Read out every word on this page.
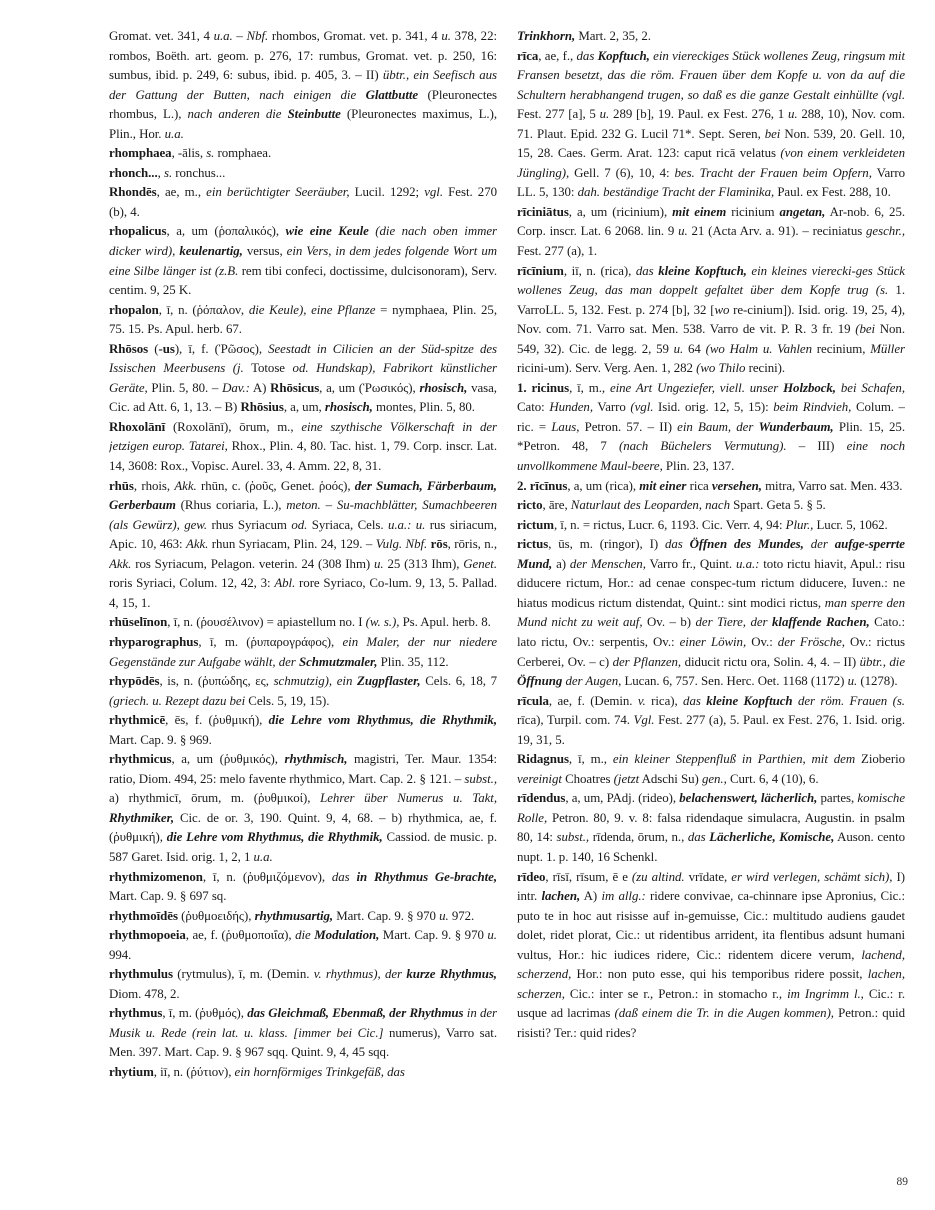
Gromat. vet. 341, 4 u.a. – Nbf. rhombos, Gromat. vet. p. 341, 4 u. 378, 22: rombos, Boëth. art. geom. p. 276, 17: rumbus, Gromat. vet. p. 250, 16: sumbus, ibid. p. 249, 6: subus, ibid. p. 405, 3. – II) übtr., ein Seefisch aus der Gattung der Butten, nach einigen die Glattbutte (Pleuronectes rhombus, L.), nach anderen die Steinbutte (Pleuronectes maximus, L.), Plin., Hor. u.a.

rhomphaea, -ālis, s. romphaea.

rhonch..., s. ronchus...

Rhondēs, ae, m., ein berüchtigter Seeräuber, Lucil. 1292; vgl. Fest. 270 (b), 4.

rhopalicus, a, um (ῥοπαλικός), wie eine Keule (die nach oben immer dicker wird), keulenartig, versus, ein Vers, in dem jedes folgende Wort um eine Silbe länger ist (z.B. rem tibi confeci, doctissime, dulcisonoram), Serv. centim. 9, 25 K.

rhopalon, ī, n. (ῥόπαλον, die Keule), eine Pflanze = nymphaea, Plin. 25, 75. 15. Ps. Apul. herb. 67.

Rhōsos (-us), ī, f. (Ῥῶσος), Seestadt in Cilicien an der Süd-spitze des Issischen Meerbusens (j. Totose od. Hundskap), Fabrikort künstlicher Geräte, Plin. 5, 80. – Dav.: A) Rhōsicus, a, um (Ῥωσικός), rhosisch, vasa, Cic. ad Att. 6, 1, 13. – B) Rhōsius, a, um, rhosisch, montes, Plin. 5, 80.

Rhoxolānī (Roxolānī), ōrum, m., eine szythische Völkerschaft in der jetzigen europ. Tatarei, Rhox., Plin. 4, 80. Tac. hist. 1, 79. Corp. inscr. Lat. 14, 3608: Rox., Vopisc. Aurel. 33, 4. Amm. 22, 8, 31.

rhūs, rhois, Akk. rhūn, c. (ῥοῦς, Genet. ῥοός), der Sumach, Färberbaum, Gerberbaum (Rhus coriaria, L.), meton. – Su-machblätter, Sumachbeeren (als Gewürz), gew. rhus Syriacum od. Syriaca, Cels. u.a.: u. rus siriacum, Apic. 10, 463: Akk. rhun Syriacam, Plin. 24, 129. – Vulg. Nbf. rōs, rōris, n., Akk. ros Syriacum, Pelagon. veterin. 24 (308 Ihm) u. 25 (313 Ihm), Genet. roris Syriaci, Colum. 12, 42, 3: Abl. rore Syriaco, Co-lum. 9, 13, 5. Pallad. 4, 15, 1.

rhūselīnon, ī, n. (ῥουσέλινον) = apiastellum no. I (w. s.), Ps. Apul. herb. 8.

rhyparographus, ī, m. (ῥυπαρογράφος), ein Maler, der nur niedere Gegenstände zur Aufgabe wählt, der Schmutzmaler, Plin. 35, 112.

rhypōdēs, is, n. (ῥυπώδης, ες, schmutzig), ein Zugpflaster, Cels. 6, 18, 7 (griech. u. Rezept dazu bei Cels. 5, 19, 15).

rhythmicē, ēs, f. (ῥυθμική), die Lehre vom Rhythmus, die Rhythmik, Mart. Cap. 9. § 969.

rhythmicus, a, um (ῥυθμικός), rhythmisch, magistri, Ter. Maur. 1354: ratio, Diom. 494, 25: melo favente rhythmico, Mart. Cap. 2. § 121. – subst., a) rhythmicī, ōrum, m. (ῥυθμικοί), Lehrer über Numerus u. Takt, Rhythmiker, Cic. de or. 3, 190. Quint. 9, 4, 68. – b) rhythmica, ae, f. (ῥυθμική), die Lehre vom Rhythmus, die Rhythmik, Cassiod. de music. p. 587 Garet. Isid. orig. 1, 2, 1 u.a.

rhythmizomenon, ī, n. (ῥυθμιζόμενον), das in Rhythmus Ge-brachte, Mart. Cap. 9. § 697 sq.

rhythmoīdēs (ῥυθμοειδής), rhythmusartig, Mart. Cap. 9. § 970 u. 972.

rhythmopoeia, ae, f. (ῥυθμοποιΐα), die Modulation, Mart. Cap. 9. § 970 u. 994.

rhythmulus (rytmulus), ī, m. (Demin. v. rhythmus), der kurze Rhythmus, Diom. 478, 2.

rhythmus, ī, m. (ῥυθμός), das Gleichmaß, Ebenmaß, der Rhythmus in der Musik u. Rede (rein lat. u. klass. [immer bei Cic.] numerus), Varro sat. Men. 397. Mart. Cap. 9. § 967 sqq. Quint. 9, 4, 45 sqq.

rhytium, iī, n. (ῥύτιον), ein hornförmiges Trinkgefäß, das

Trinkhorn, Mart. 2, 35, 2.

rīca, ae, f., das Kopftuch, ein viereckiges Stück wollenes Zeug, ringsum mit Fransen besetzt, das die röm. Frauen über dem Kopfe u. von da auf die Schultern herabhangend trugen, so daß es die ganze Gestalt einhüllte (vgl. Fest. 277 [a], 5 u. 289 [b], 19. Paul. ex Fest. 276, 1 u. 288, 10), Nov. com. 71. Plaut. Epid. 232 G. Lucil 71*. Sept. Seren, bei Non. 539, 20. Gell. 10, 15, 28. Caes. Germ. Arat. 123: caput ricā velatus (von einem verkleideten Jüngling), Gell. 7 (6), 10, 4: bes. Tracht der Frauen beim Opfern, Varro LL. 5, 130: dah. beständige Tracht der Flaminika, Paul. ex Fest. 288, 10.

rīciniātus, a, um (ricinium), mit einem ricinium angetan, Ar-nob. 6, 25. Corp. inscr. Lat. 6 2068. lin. 9 u. 21 (Acta Arv. a. 91). – reciniatus geschr., Fest. 277 (a), 1.

rīcīnium, iī, n. (rica), das kleine Kopftuch, ein kleines vierecki-ges Stück wollenes Zeug, das man doppelt gefaltet über dem Kopfe trug (s. 1. VarroLL. 5, 132. Fest. p. 274 [b], 32 [wo re-cinium]). Isid. orig. 19, 25, 4), Nov. com. 71. Varro sat. Men. 538. Varro de vit. P. R. 3 fr. 19 (bei Non. 549, 32). Cic. de legg. 2, 59 u. 64 (wo Halm u. Vahlen recinium, Müller ricini-um). Serv. Verg. Aen. 1, 282 (wo Thilo recini).

1. ricinus, ī, m., eine Art Ungeziefer, viell. unser Holzbock, bei Schafen, Cato: Hunden, Varro (vgl. Isid. orig. 12, 5, 15): beim Rindvieh, Colum. – ric. = Laus, Petron. 57. – II) ein Baum, der Wunderbaum, Plin. 15, 25. *Petron. 48, 7 (nach Büchelers Vermutung). – III) eine noch unvollkommene Maul-beere, Plin. 23, 137.

2. rīcīnus, a, um (rica), mit einer rica versehen, mitra, Varro sat. Men. 433.

ricto, āre, Naturlaut des Leoparden, nach Spart. Geta 5. § 5.

rictum, ī, n. = rictus, Lucr. 6, 1193. Cic. Verr. 4, 94: Plur., Lucr. 5, 1062.

rictus, ūs, m. (ringor), I) das Öffnen des Mundes, der aufge-sperrte Mund, a) der Menschen, Varro fr., Quint. u.a.: toto rictu hiavit, Apul.: risu diducere rictum, Hor.: ad cenae conspec-tum rictum diducere, Iuven.: ne hiatus modicus rictum distendat, Quint.: sint modici rictus, man sperre den Mund nicht zu weit auf, Ov. – b) der Tiere, der klaffende Rachen, Cato.: lato rictu, Ov.: serpentis, Ov.: einer Löwin, Ov.: der Frösche, Ov.: rictus Cerberei, Ov. – c) der Pflanzen, diducit rictu ora, Solin. 4, 4. – II) übtr., die Öffnung der Augen, Lucan. 6, 757. Sen. Herc. Oet. 1168 (1172) u. (1278).

rīcula, ae, f. (Demin. v. rica), das kleine Kopftuch der röm. Frauen (s. rīca), Turpil. com. 74. Vgl. Fest. 277 (a), 5. Paul. ex Fest. 276, 1. Isid. orig. 19, 31, 5.

Ridagnus, ī, m., ein kleiner Steppenfluß in Parthien, mit dem Zioberio vereinigt Choatres (jetzt Adschi Su) gen., Curt. 6, 4 (10), 6.

rīdendus, a, um, PAdj. (rideo), belachenswert, lächerlich, partes, komische Rolle, Petron. 80, 9. v. 8: falsa ridendaque simulacra, Augustin. in psalm 80, 14: subst., rīdenda, ōrum, n., das Lächerliche, Komische, Auson. cento nupt. 1. p. 140, 16 Schenkl.

rīdeo, rīsī, rīsum, ē e (zu altind. vrīdate, er wird verlegen, schämt sich), I) intr. lachen, A) im allg.: ridere convivae, ca-chinnare ipse Apronius, Cic.: puto te in hoc aut risisse auf in-gemuisse, Cic.: multitudo audiens gaudet dolet, ridet plorat, Cic.: ut ridentibus arrident, ita flentibus adsunt humani vultus, Hor.: hic iudices ridere, Cic.: ridentem dicere verum, lachend, scherzend, Hor.: non puto esse, qui his temporibus ridere possit, lachen, scherzen, Cic.: inter se r., Petron.: in stomacho r., im Ingrimm l., Cic.: r. usque ad lacrimas (daß einem die Tr. in die Augen kommen), Petron.: quid risisti? Ter.: quid rides?

89
